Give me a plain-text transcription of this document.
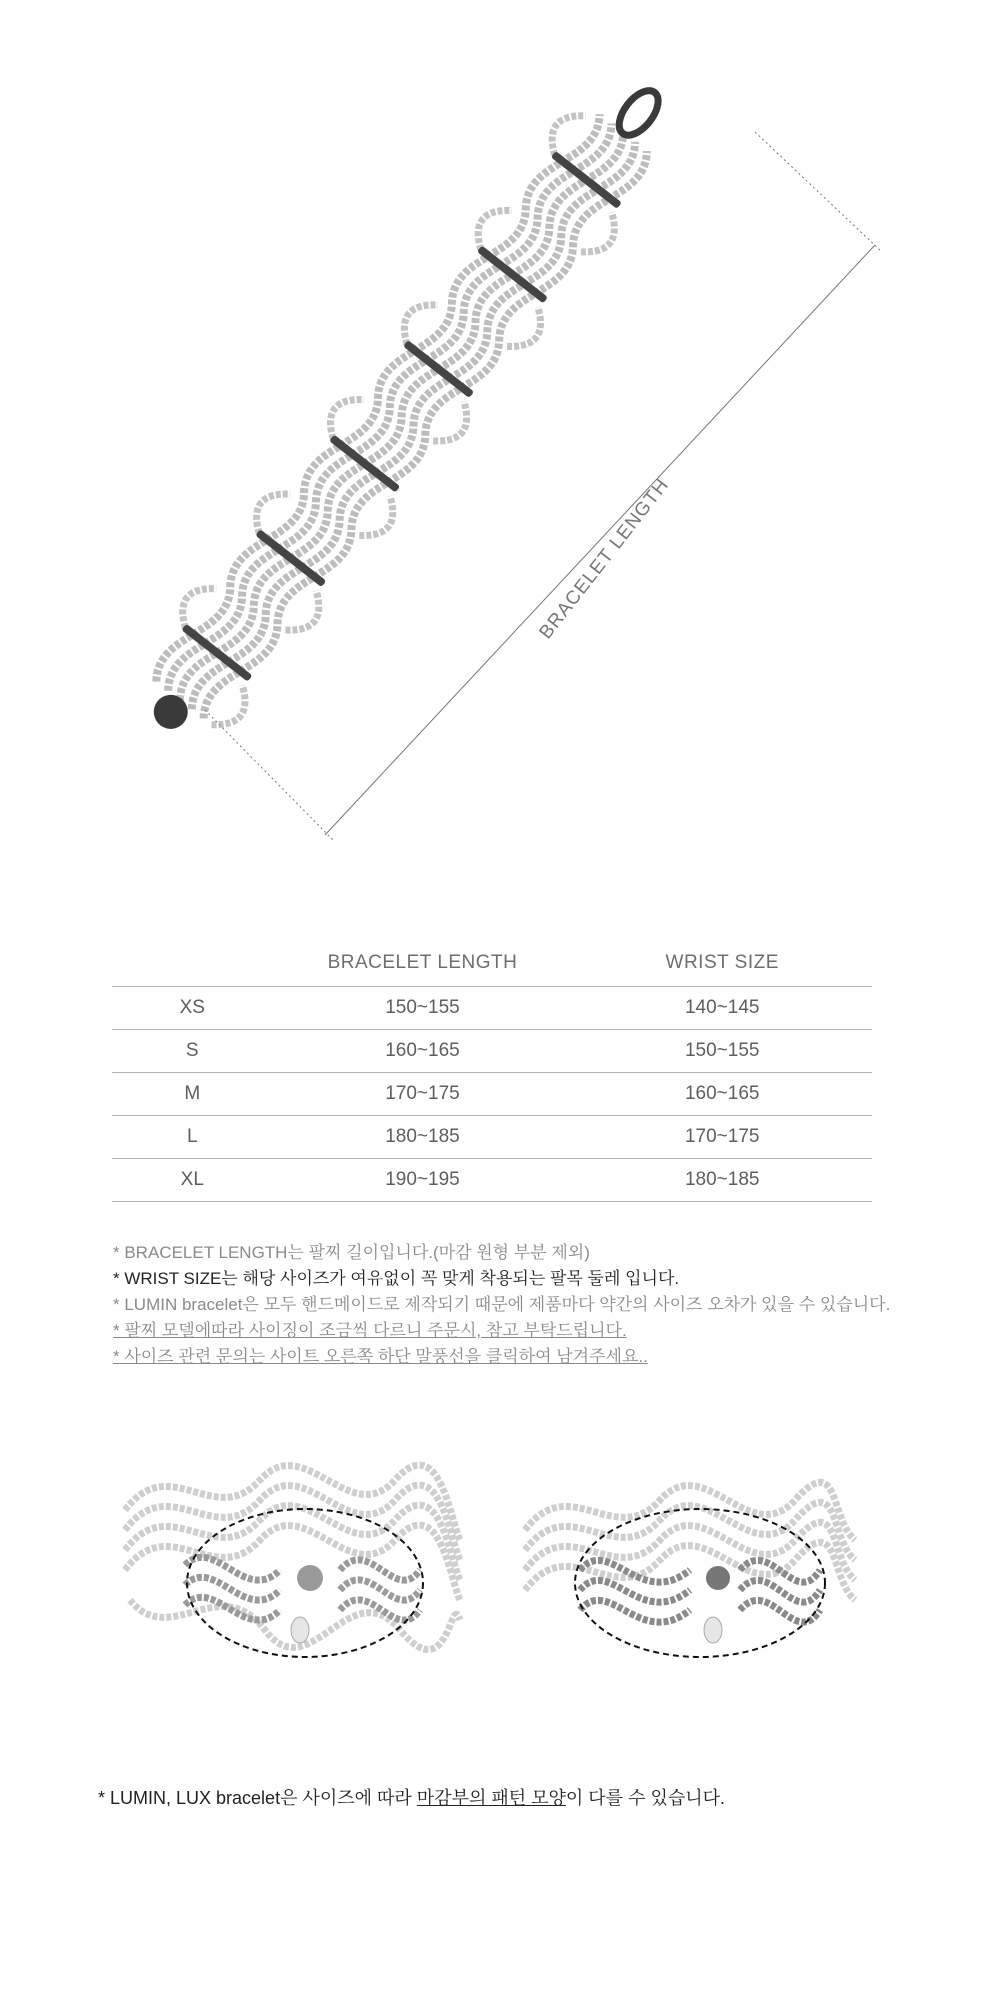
BRACELET LENGTH
	BRACELET LENGTH	WRIST SIZE
XS	150~155	140~145
S	160~165	150~155
M	170~175	160~165
L	180~185	170~175
XL	190~195	180~185

* BRACELET LENGTH는 팔찌 길이입니다.(마감 원형 부분 제외)

* WRIST SIZE는 해당 사이즈가 여유없이 꼭 맞게 착용되는 팔목 둘레 입니다.

* LUMIN bracelet은 모두 핸드메이드로 제작되기 때문에 제품마다 약간의 사이즈 오차가 있을 수 있습니다.

* 팔찌 모델에따라 사이징이 조금씩 다르니 주문시, 참고 부탁드립니다.

* 사이즈 관련 문의는 사이트 오른쪽 하단 말풍선을 클릭하여 남겨주세요..

* LUMIN, LUX bracelet은 사이즈에 따라 마감부의 패턴 모양이 다를 수 있습니다.
